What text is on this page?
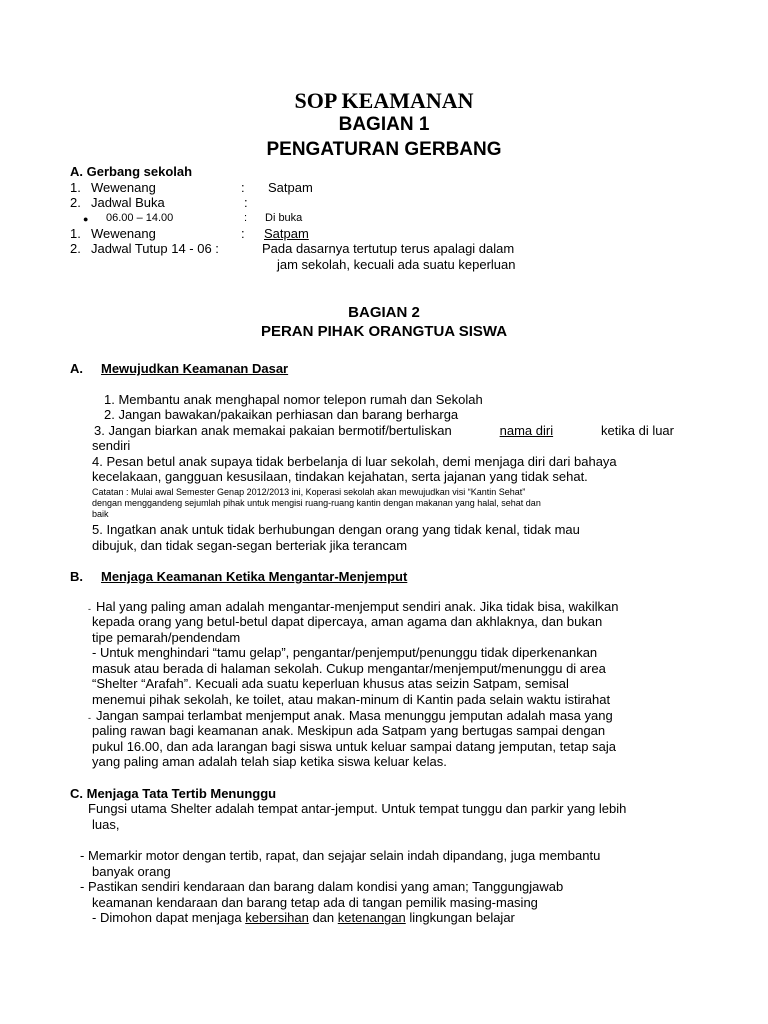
SOP KEAMANAN
BAGIAN 1
PENGATURAN GERBANG
A. Gerbang sekolah
1. Wewenang	: Satpam
2. Jadwal Buka	:
● 06.00 – 14.00	: Di buka
1. Wewenang	: Satpam
2. Jadwal Tutup 14 - 06 :	Pada dasarnya tertutup terus apalagi dalam
jam sekolah, kecuali ada suatu keperluan
BAGIAN 2
PERAN PIHAK ORANGTUA SISWA
A. Mewujudkan Keamanan Dasar
1. Membantu anak menghapal nomor telepon rumah dan Sekolah
2. Jangan bawakan/pakaikan perhiasan dan barang berharga
3. Jangan biarkan anak memakai pakaian bermotif/bertuliskan	nama diri	ketika di luar
sendiri
4. Pesan betul anak supaya tidak berbelanja di luar sekolah, demi menjaga diri dari bahaya
kecelakaan, gangguan kesusilaan, tindakan kejahatan, serta jajanan yang tidak sehat.
Catatan : Mulai awal Semester Genap 2012/2013 ini, Koperasi sekolah akan mewujudkan visi “Kantin Sehat”
dengan menggandeng sejumlah pihak untuk mengisi ruang-ruang kantin dengan makanan yang halal, sehat dan
baik
5. Ingatkan anak untuk tidak berhubungan dengan orang yang tidak kenal, tidak mau
dibujuk, dan tidak segan-segan berteriak jika terancam
B. Menjaga Keamanan Ketika Mengantar-Menjemput
- Hal yang paling aman adalah mengantar-menjemput sendiri anak. Jika tidak bisa, wakilkan
kepada orang yang betul-betul dapat dipercaya, aman agama dan akhlaknya, dan bukan
tipe pemarah/pendendam
- Untuk menghindari “tamu gelap”, pengantar/penjemput/penunggu tidak diperkenankan
masuk atau berada di halaman sekolah. Cukup mengantar/menjemput/menunggu di area
“Shelter “Arafah”. Kecuali ada suatu keperluan khusus atas seizin Satpam, semisal
menemui pihak sekolah, ke toilet, atau makan-minum di Kantin pada selain waktu istirahat
- Jangan sampai terlambat menjemput anak. Masa menunggu jemputan adalah masa yang
paling rawan bagi keamanan anak. Meskipun ada Satpam yang bertugas sampai dengan
pukul 16.00, dan ada larangan bagi siswa untuk keluar sampai datang jemputan, tetap saja
yang paling aman adalah telah siap ketika siswa keluar kelas.
C. Menjaga Tata Tertib Menunggu
Fungsi utama Shelter adalah tempat antar-jemput. Untuk tempat tunggu dan parkir yang lebih
luas,
- Memarkir motor dengan tertib, rapat, dan sejajar selain indah dipandang, juga membantu
banyak orang
- Pastikan sendiri kendaraan dan barang dalam kondisi yang aman; Tanggungjawab
keamanan kendaraan dan barang tetap ada di tangan pemilik masing-masing
- Dimohon dapat menjaga kebersihan dan ketenangan lingkungan belajar
